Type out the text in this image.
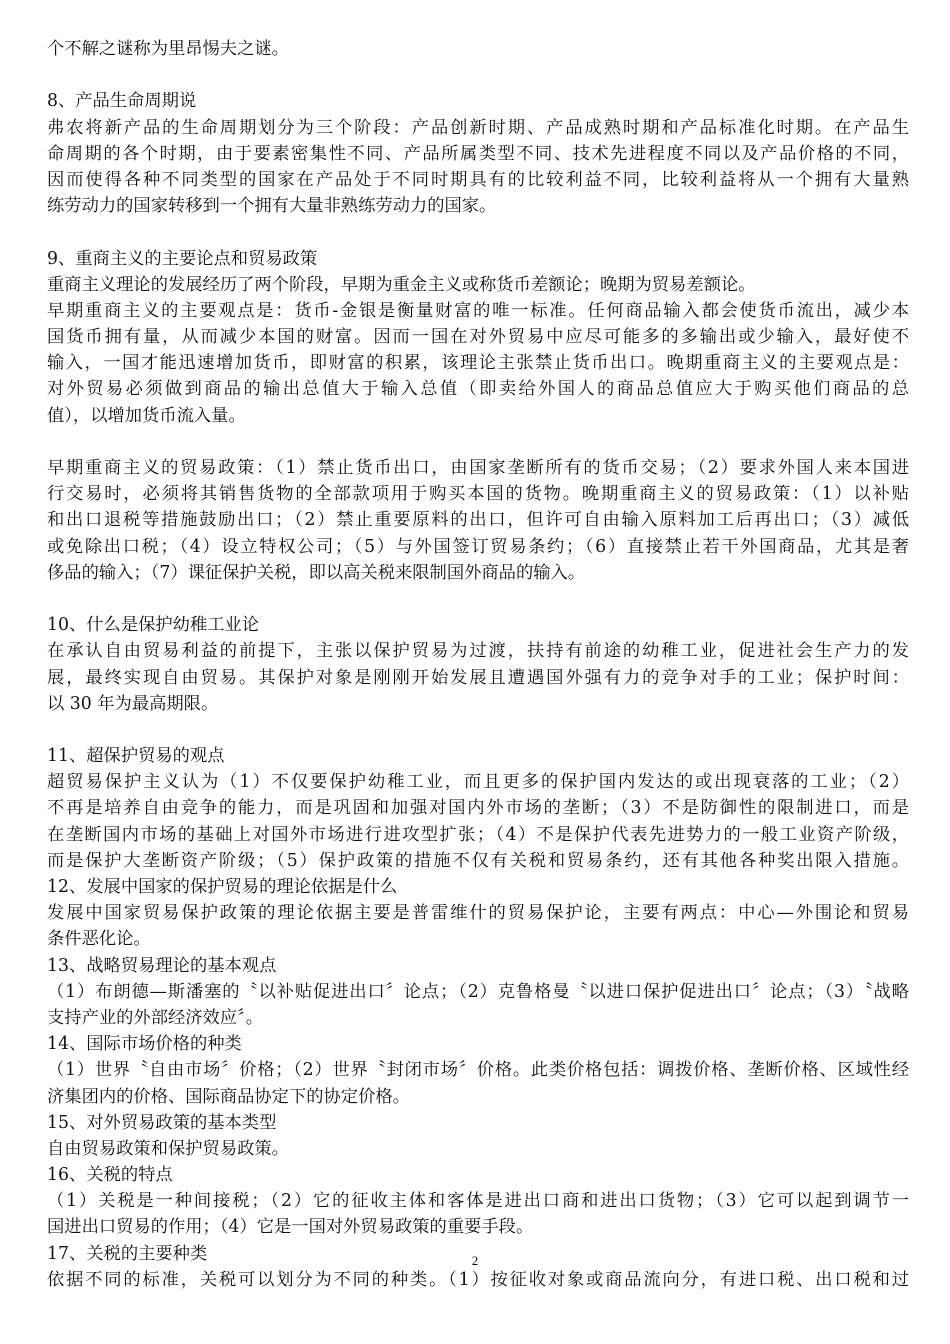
个不解之谜称为里昂惕夫之谜。
8、产品生命周期说
弗农将新产品的生命周期划分为三个阶段：产品创新时期、产品成熟时期和产品标准化时期。在产品生
命周期的各个时期，由于要素密集性不同、产品所属类型不同、技术先进程度不同以及产品价格的不同，
因而使得各种不同类型的国家在产品处于不同时期具有的比较利益不同，比较利益将从一个拥有大量熟
练劳动力的国家转移到一个拥有大量非熟练劳动力的国家。
9、重商主义的主要论点和贸易政策
重商主义理论的发展经历了两个阶段，早期为重金主义或称货币差额论；晚期为贸易差额论。
早期重商主义的主要观点是：货币-金银是衡量财富的唯一标准。任何商品输入都会使货币流出，减少本
国货币拥有量，从而减少本国的财富。因而一国在对外贸易中应尽可能多的多输出或少输入，最好使不
输入，一国才能迅速增加货币，即财富的积累，该理论主张禁止货币出口。晚期重商主义的主要观点是：
对外贸易必须做到商品的输出总值大于输入总值（即卖给外国人的商品总值应大于购买他们商品的总
值），以增加货币流入量。
早期重商主义的贸易政策：（1）禁止货币出口，由国家垄断所有的货币交易；（2）要求外国人来本国进
行交易时，必须将其销售货物的全部款项用于购买本国的货物。晚期重商主义的贸易政策：（1）以补贴
和出口退税等措施鼓励出口；（2）禁止重要原料的出口，但许可自由输入原料加工后再出口；（3）减低
或免除出口税；（4）设立特权公司；（5）与外国签订贸易条约；（6）直接禁止若干外国商品，尤其是奢
侈品的输入；（7）课征保护关税，即以高关税来限制国外商品的输入。
10、什么是保护幼稚工业论
在承认自由贸易利益的前提下，主张以保护贸易为过渡，扶持有前途的幼稚工业，促进社会生产力的发
展，最终实现自由贸易。其保护对象是刚刚开始发展且遭遇国外强有力的竞争对手的工业；保护时间：
以 30 年为最高期限。
11、超保护贸易的观点
超贸易保护主义认为（1）不仅要保护幼稚工业，而且更多的保护国内发达的或出现衰落的工业；（2）
不再是培养自由竞争的能力，而是巩固和加强对国内外市场的垄断；（3）不是防御性的限制进口，而是
在垄断国内市场的基础上对国外市场进行进攻型扩张；（4）不是保护代表先进势力的一般工业资产阶级，
而是保护大垄断资产阶级；（5）保护政策的措施不仅有关税和贸易条约，还有其他各种奖出限入措施。
12、发展中国家的保护贸易的理论依据是什么
发展中国家贸易保护政策的理论依据主要是普雷维什的贸易保护论，主要有两点：中心—外围论和贸易
条件恶化论。
13、战略贸易理论的基本观点
（1）布朗德—斯潘塞的〝以补贴促进出口〞论点；（2）克鲁格曼〝以进口保护促进出口〞论点；（3）〝战略
支持产业的外部经济效应〞。
14、国际市场价格的种类
（1）世界〝自由市场〞价格；（2）世界〝封闭市场〞价格。此类价格包括：调拨价格、垄断价格、区域性经
济集团内的价格、国际商品协定下的协定价格。
15、对外贸易政策的基本类型
自由贸易政策和保护贸易政策。
16、关税的特点
（1）关税是一种间接税；（2）它的征收主体和客体是进出口商和进出口货物；（3）它可以起到调节一
国进出口贸易的作用；（4）它是一国对外贸易政策的重要手段。
17、关税的主要种类
依据不同的标准，关税可以划分为不同的种类。（1）按征收对象或商品流向分，有进口税、出口税和过
2
